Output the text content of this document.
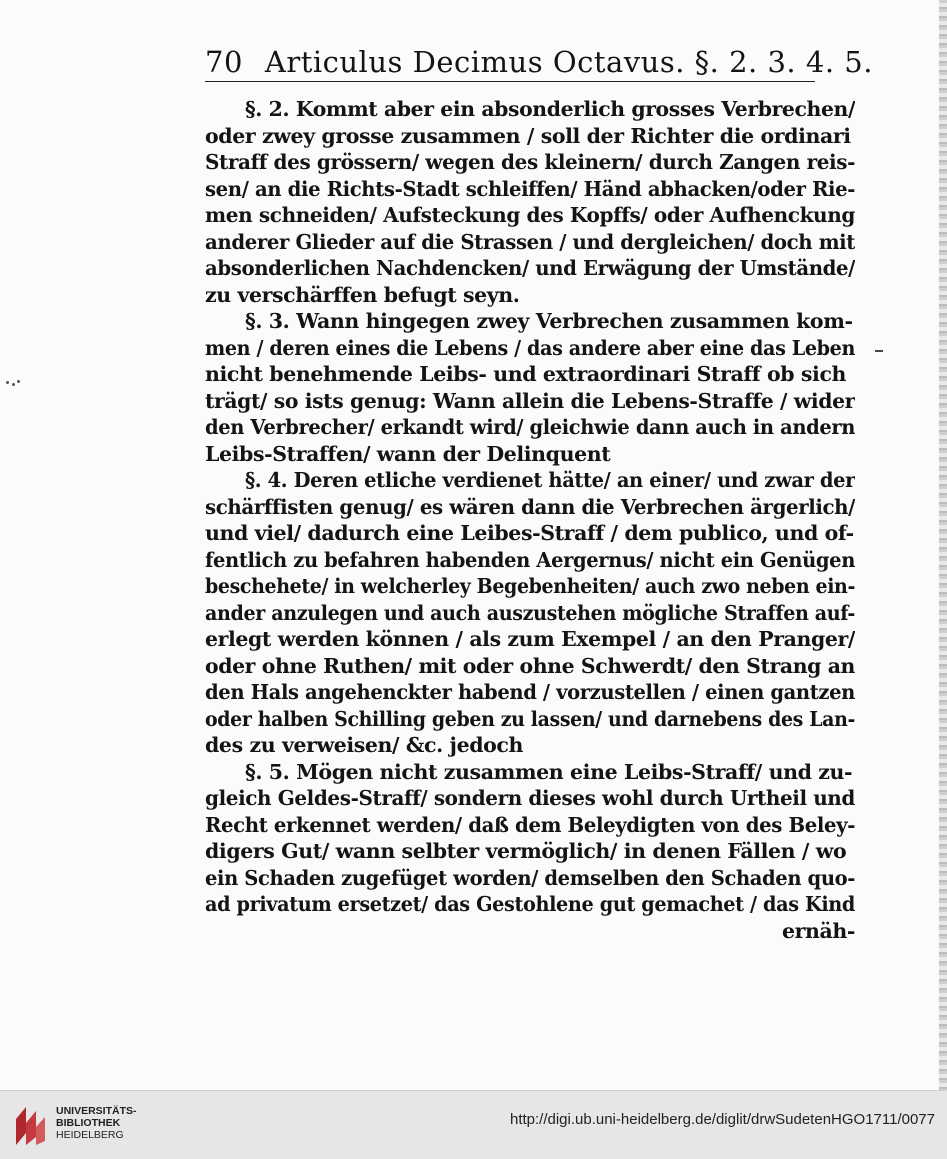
70 Articulus Decimus Octavus. §. 2. 3. 4. 5.
§. 2. Kommt aber ein absonderlich grosses Verbrechen/
oder zwey grosse zusammen / soll der Richter die ordinari
Straff des grössern/ wegen des kleinern/ durch Zangen reis-
sen/ an die Richts-Stadt schleiffen/ Händ abhacken/oder Rie-
men schneiden/ Aufsteckung des Kopffs/ oder Aufhenckung
anderer Glieder auf die Strassen / und dergleichen/ doch mit
absonderlichen Nachdencken/ und Erwägung der Umstände/
zu verschärffen befugt seyn.
§. 3. Wann hingegen zwey Verbrechen zusammen kom-
men / deren eines die Lebens / das andere aber eine das Leben
nicht benehmende Leibs- und extraordinari Straff ob sich
trägt/ so ists genug: Wann allein die Lebens-Straffe / wider
den Verbrecher/ erkandt wird/ gleichwie dann auch in andern
Leibs-Straffen/ wann der Delinquent
§. 4. Deren etliche verdienet hätte/ an einer/ und zwar der
schärffisten genug/ es wären dann die Verbrechen ärgerlich/
und viel/ dadurch eine Leibes-Straff / dem publico, und of-
fentlich zu befahren habenden Aergernus/ nicht ein Genügen
beschehete/ in welcherley Begebenheiten/ auch zwo neben ein-
ander anzulegen und auch auszustehen mögliche Straffen auf-
erlegt werden können / als zum Exempel / an den Pranger/
oder ohne Ruthen/ mit oder ohne Schwerdt/ den Strang an
den Hals angehenckter habend / vorzustellen / einen gantzen
oder halben Schilling geben zu lassen/ und darnebens des Lan-
des zu verweisen/ &c. jedoch
§. 5. Mögen nicht zusammen eine Leibs-Straff/ und zu-
gleich Geldes-Straff/ sondern dieses wohl durch Urtheil und
Recht erkennet werden/ daß dem Beleydigten von des Beley-
digers Gut/ wann selbter vermöglich/ in denen Fällen / wo
ein Schaden zugefüget worden/ demselben den Schaden quo-
ad privatum ersetzet/ das Gestohlene gut gemachet / das Kind
ernäh-
UNIVERSITÄTS-
BIBLIOTHEK
HEIDELBERG
http://digi.ub.uni-heidelberg.de/diglit/drwSudetenHGO1711/0077
